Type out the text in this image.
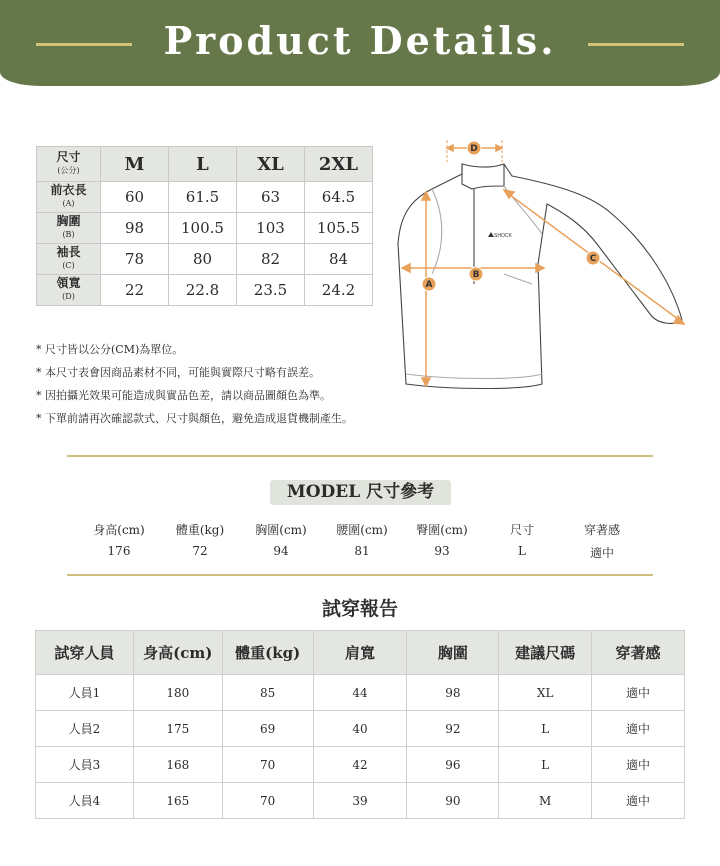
Product Details.
尺寸
(公分)	M	L	XL	2XL
前衣長
(A)	60	61.5	63	64.5
胸圍
(B)	98	100.5	103	105.5
袖長
(C)	78	80	82	84
領寬
(D)	22	22.8	23.5	24.2
* 尺寸皆以公分(CM)為單位。
* 本尺寸表會因商品素材不同，可能與實際尺寸略有誤差。
* 因拍攝光效果可能造成與實品色差，請以商品圖顏色為準。
* 下單前請再次確認款式、尺寸與顏色，避免造成退貨機制產生。
SHOCK
D
A
B
C
MODEL 尺寸參考
身高(cm)	體重(kg)	胸圍(cm)	腰圍(cm)	臀圍(cm)	尺寸	穿著感
176	72	94	81	93	L	適中
試穿報告
試穿人員	身高(cm)	體重(kg)	肩寬	胸圍	建議尺碼	穿著感
人員1	180	85	44	98	XL	適中
人員2	175	69	40	92	L	適中
人員3	168	70	42	96	L	適中
人員4	165	70	39	90	M	適中
